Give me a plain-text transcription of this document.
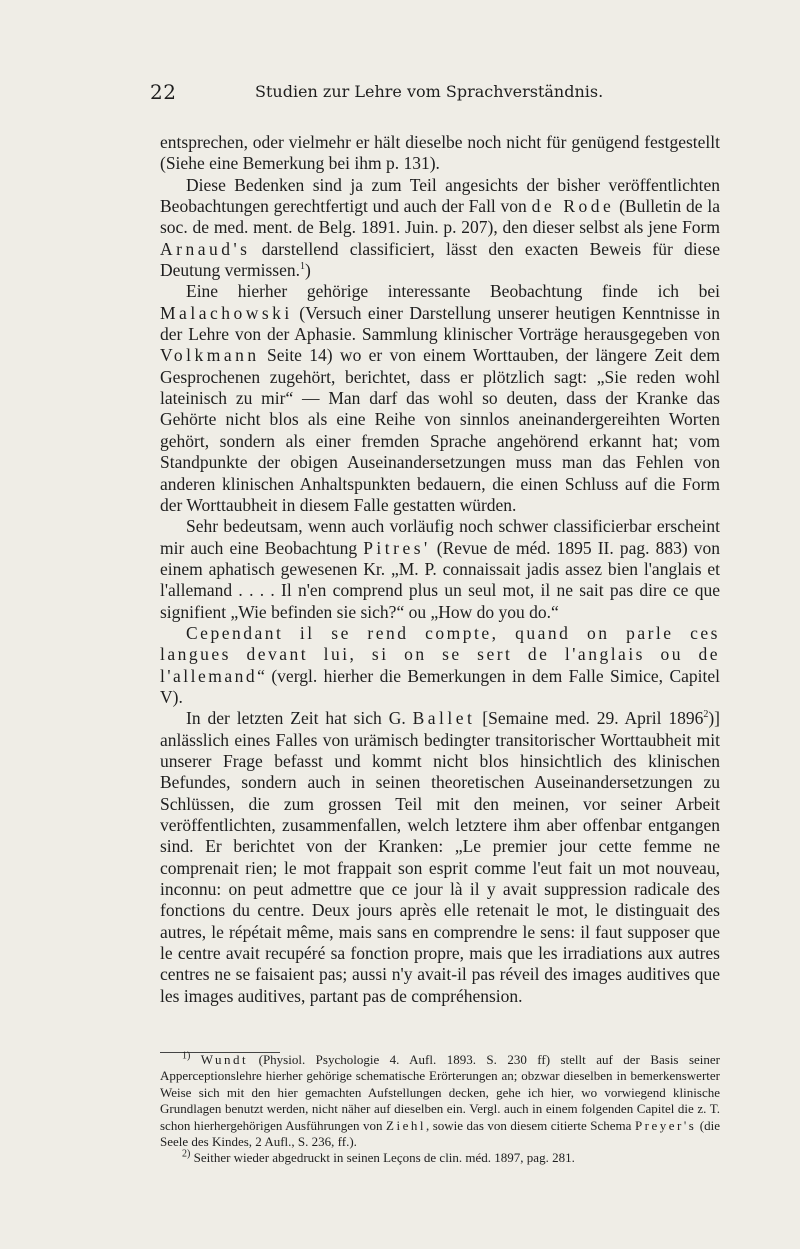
22	Studien zur Lehre vom Sprachverständnis.

entsprechen, oder vielmehr er hält dieselbe noch nicht für genügend festgestellt (Siehe eine Bemerkung bei ihm p. 131).

Diese Bedenken sind ja zum Teil angesichts der bisher veröffentlichten Beobachtungen gerechtfertigt und auch der Fall von de Rode (Bulletin de la soc. de med. ment. de Belg. 1891. Juin. p. 207), den dieser selbst als jene Form Arnaud's darstellend classificiert, lässt den exacten Beweis für diese Deutung vermissen.$^1$)

Eine hierher gehörige interessante Beobachtung finde ich bei Malachowski (Versuch einer Darstellung unserer heutigen Kenntnisse in der Lehre von der Aphasie. Sammlung klinischer Vorträge herausgegeben von Volkmann Seite 14) wo er von einem Worttauben, der längere Zeit dem Gesprochenen zugehört, berichtet, dass er plötzlich sagt: „Sie reden wohl lateinisch zu mir“ — Man darf das wohl so deuten, dass der Kranke das Gehörte nicht blos als eine Reihe von sinnlos aneinandergereihten Worten gehört, sondern als einer fremden Sprache angehörend erkannt hat; vom Standpunkte der obigen Auseinandersetzungen muss man das Fehlen von anderen klinischen Anhaltspunkten bedauern, die einen Schluss auf die Form der Worttaubheit in diesem Falle gestatten würden.

Sehr bedeutsam, wenn auch vorläufig noch schwer classificierbar erscheint mir auch eine Beobachtung Pitres' (Revue de méd. 1895 II. pag. 883) von einem aphatisch gewesenen Kr. „M. P. connaissait jadis assez bien l'anglais et l'allemand . . . . Il n'en comprend plus un seul mot, il ne sait pas dire ce que signifient „Wie befinden sie sich?“ ou „How do you do.“
Cependant il se rend compte, quand on parle ces langues devant lui, si on se sert de l'anglais ou de l'allemand“ (vergl. hierher die Bemerkungen in dem Falle Simice, Capitel V).

In der letzten Zeit hat sich G. Ballet [Semaine med. 29. April 1896$^2$)] anlässlich eines Falles von urämisch bedingter transitorischer Worttaubheit mit unserer Frage befasst und kommt nicht blos hinsichtlich des klinischen Befundes, sondern auch in seinen theoretischen Auseinandersetzungen zu Schlüssen, die zum grossen Teil mit den meinen, vor seiner Arbeit veröffentlichten, zusammenfallen, welch letztere ihm aber offenbar entgangen sind. Er berichtet von der Kranken: „Le premier jour cette femme ne comprenait rien; le mot frappait son esprit comme l'eut fait un mot nouveau, inconnu: on peut admettre que ce jour là il y avait suppression radicale des fonctions du centre. Deux jours après elle retenait le mot, le distinguait des autres, le répétait même, mais sans en comprendre le sens: il faut supposer que le centre avait recupéré sa fonction propre, mais que les irradiations aux autres centres ne se faisaient pas; aussi n'y avait-il pas réveil des images auditives que les images auditives, partant pas de compréhension.

$^{1)}$ Wundt (Physiol. Psychologie 4. Aufl. 1893. S. 230 ff) stellt auf der Basis seiner Apperceptionslehre hierher gehörige schematische Erörterungen an; obzwar dieselben in bemerkenswerter Weise sich mit den hier gemachten Aufstellungen decken, gehe ich hier, wo vorwiegend klinische Grundlagen benutzt werden, nicht näher auf dieselben ein. Vergl. auch in einem folgenden Capitel die z. T. schon hierhergehörigen Ausführungen von Ziehl, sowie das von diesem citierte Schema Preyer's (die Seele des Kindes, 2 Aufl., S. 236, ff.).

$^{2)}$ Seither wieder abgedruckt in seinen Leçons de clin. méd. 1897, pag. 281.
